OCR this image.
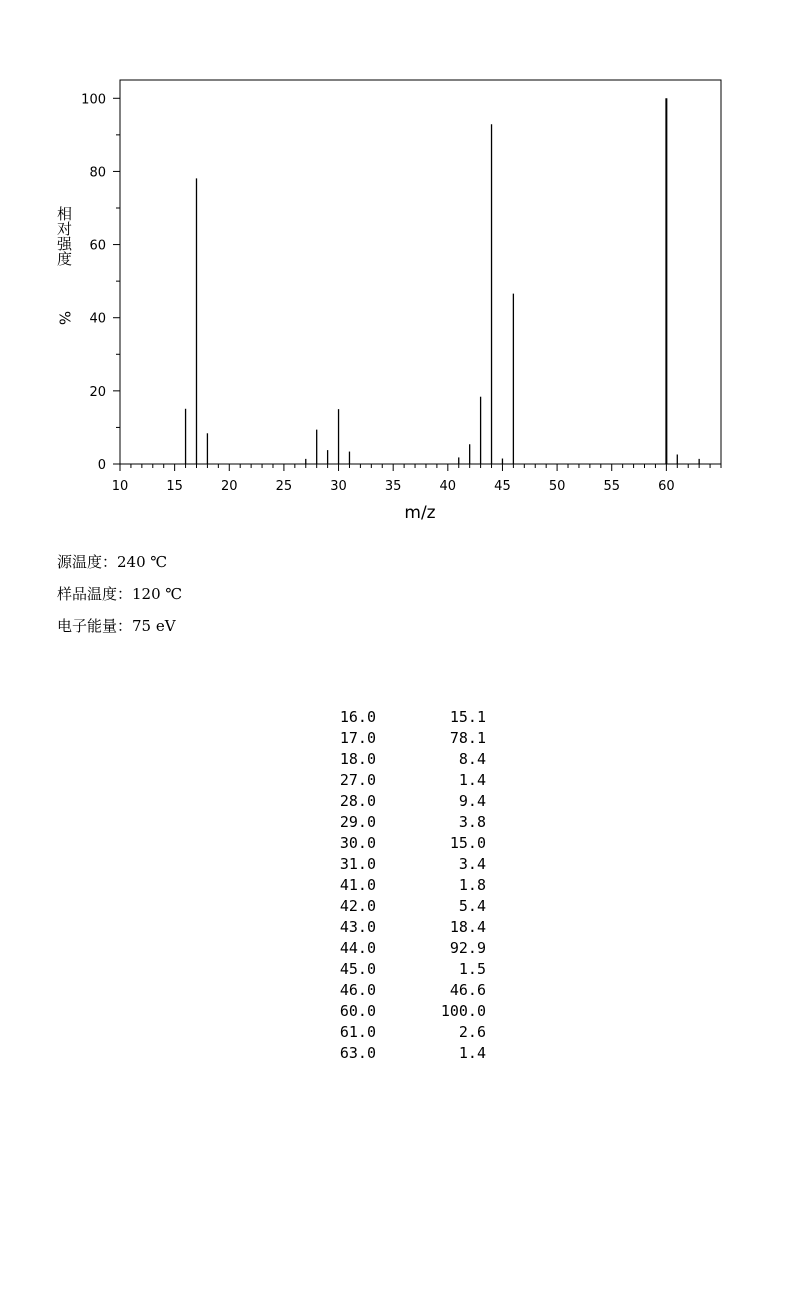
10	15	20	25	30	35	40	45	50	55	60
0
20
40
60
80
100
m/z
相对强度
%
源温度：240 ℃
样品温度：120 ℃
电子能量：75 eV
16.0	15.1
17.0	78.1
18.0	8.4
27.0	1.4
28.0	9.4
29.0	3.8
30.0	15.0
31.0	3.4
41.0	1.8
42.0	5.4
43.0	18.4
44.0	92.9
45.0	1.5
46.0	46.6
60.0	100.0
61.0	2.6
63.0	1.4
